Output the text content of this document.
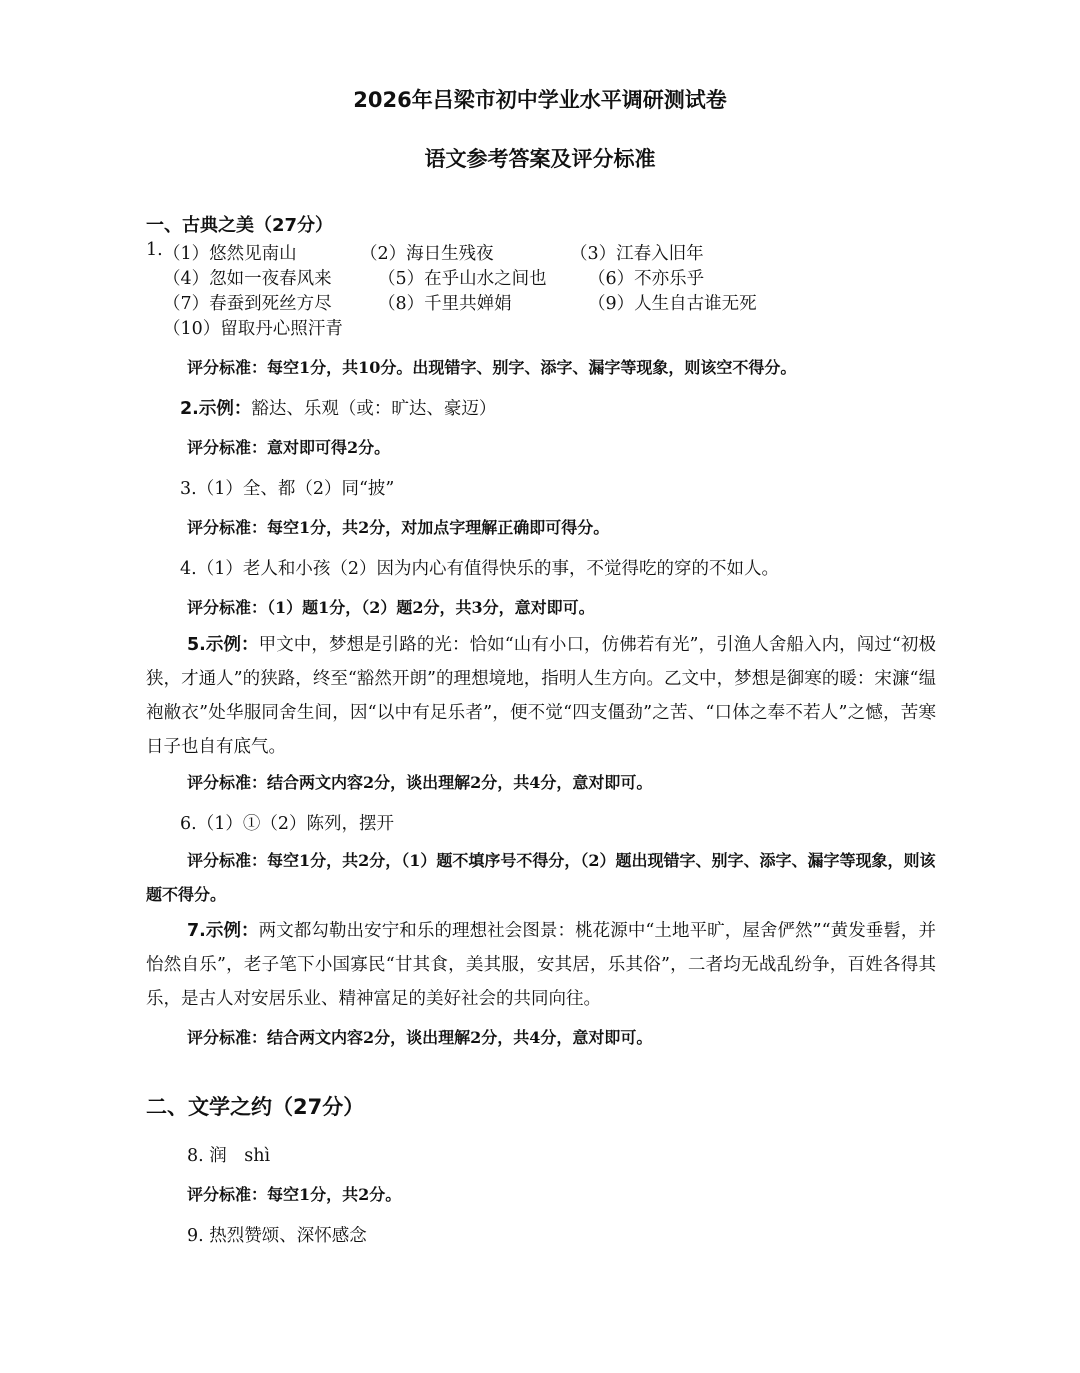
2026年吕梁市初中学业水平调研测试卷
语文参考答案及评分标准
一、古典之美（27分）
1. （1）悠然见南山	（2）海日生残夜	（3）江春入旧年
（4）忽如一夜春风来	（5）在乎山水之间也 （6）不亦乐乎
（7）春蚕到死丝方尽	（8）千里共婵娟	（9）人生自古谁无死
（10）留取丹心照汗青
评分标准：每空1分，共10分。出现错字、别字、添字、漏字等现象，则该空不得分。
2.示例：豁达、乐观（或：旷达、豪迈）
评分标准：意对即可得2分。
3.（1）全、都（2）同“披”
评分标准：每空1分，共2分，对加点字理解正确即可得分。
4.（1）老人和小孩（2）因为内心有值得快乐的事，不觉得吃的穿的不如人。
评分标准：（1）题1分，（2）题2分，共3分，意对即可。
5.示例：甲文中，梦想是引路的光：恰如“山有小口，仿佛若有光”，引渔人舍船入内，闯过“初极狭，才通人”的狭路，终至“豁然开朗”的理想境地，指明人生方向。乙文中，梦想是御寒的暖：宋濂“缊袍敝衣”处华服同舍生间，因“以中有足乐者”，便不觉“四支僵劲”之苦、“口体之奉不若人”之憾，苦寒日子也自有底气。
评分标准：结合两文内容2分，谈出理解2分，共4分，意对即可。
6.（1）①（2）陈列，摆开
评分标准：每空1分，共2分，（1）题不填序号不得分，（2）题出现错字、别字、添字、漏字等现象，则该题不得分。
7.示例：两文都勾勒出安宁和乐的理想社会图景：桃花源中“土地平旷，屋舍俨然”“黄发垂髫，并怡然自乐”，老子笔下小国寡民“甘其食，美其服，安其居，乐其俗”，二者均无战乱纷争，百姓各得其乐，是古人对安居乐业、精神富足的美好社会的共同向往。
评分标准：结合两文内容2分，谈出理解2分，共4分，意对即可。
二、文学之约（27分）
8. 润　shì
评分标准：每空1分，共2分。
9. 热烈赞颂、深怀感念
